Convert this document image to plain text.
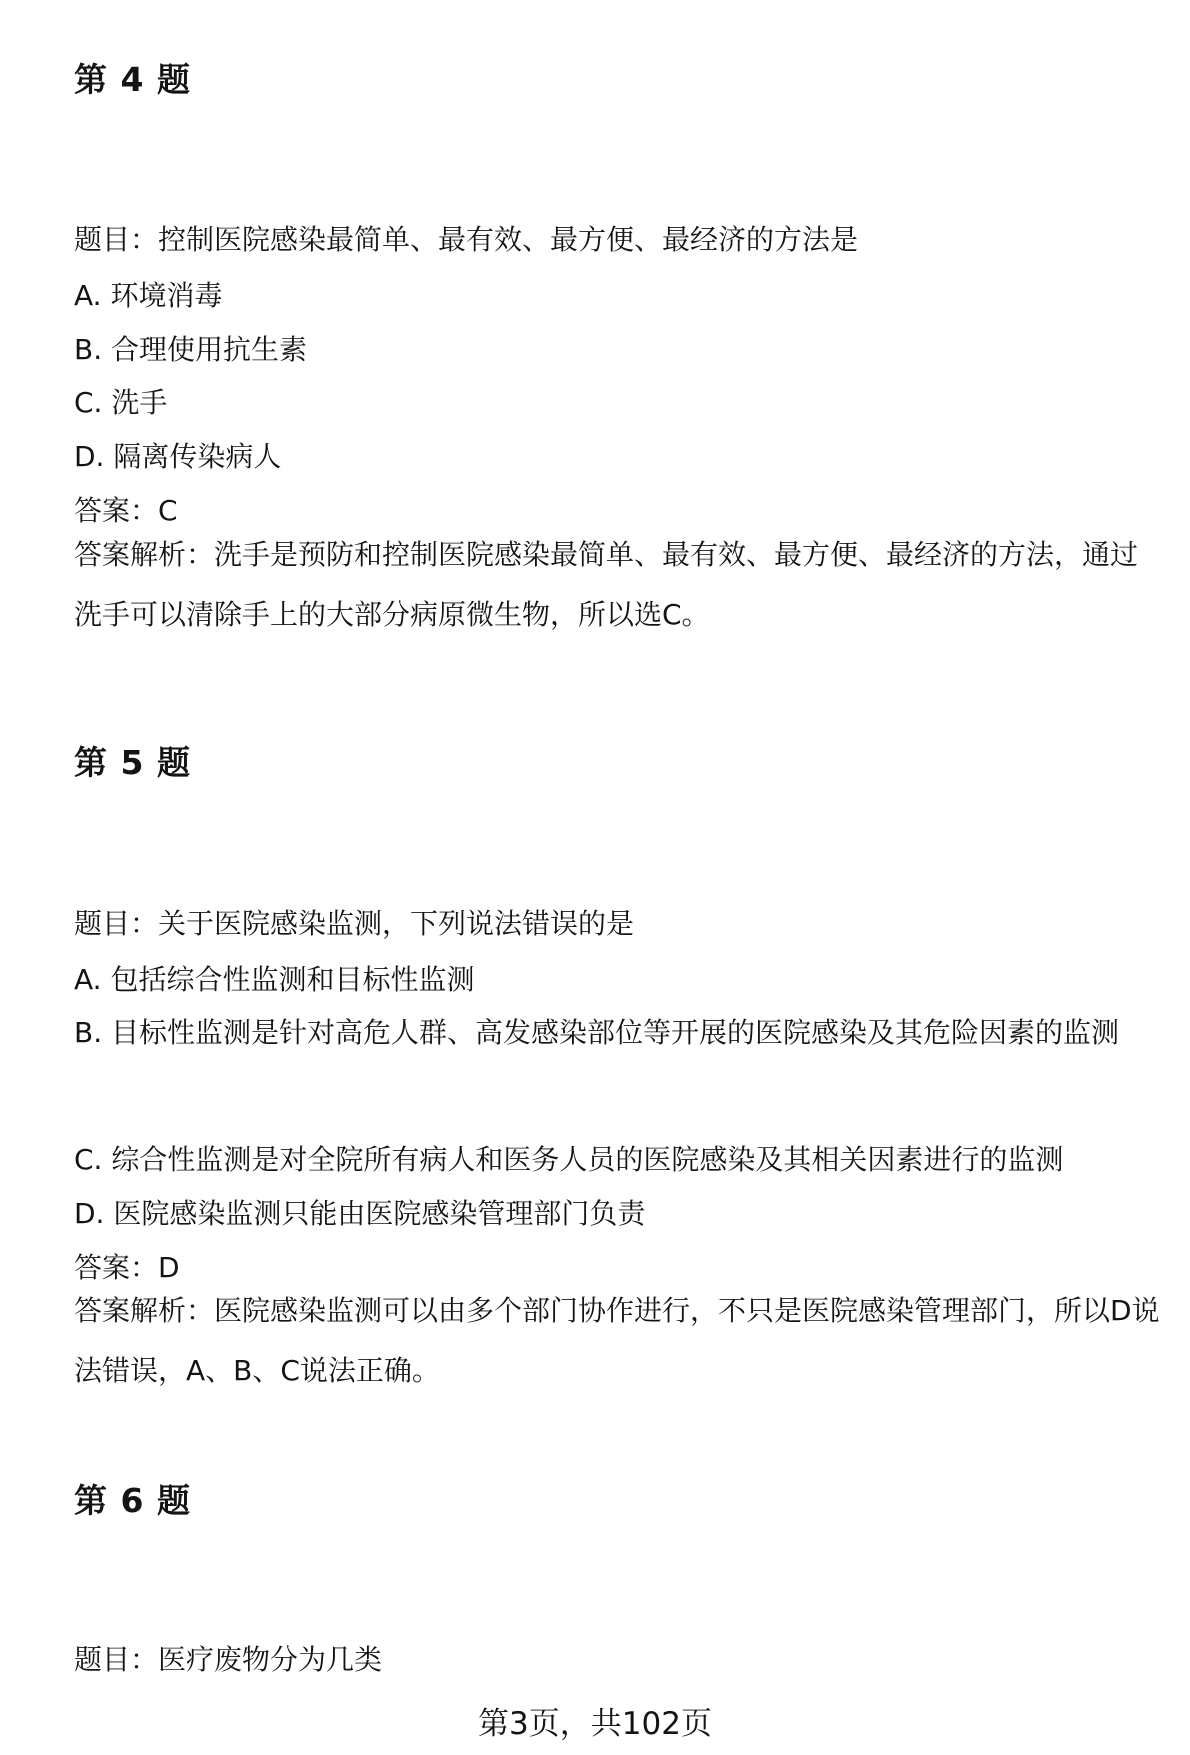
第 4 题
题目：控制医院感染最简单、最有效、最方便、最经济的方法是
A. 环境消毒
B. 合理使用抗生素
C. 洗手
D. 隔离传染病人
答案：C
答案解析：洗手是预防和控制医院感染最简单、最有效、最方便、最经济的方法，通过洗手可以清除手上的大部分病原微生物，所以选C。
第 5 题
题目：关于医院感染监测，下列说法错误的是
A. 包括综合性监测和目标性监测
B. 目标性监测是针对高危人群、高发感染部位等开展的医院感染及其危险因素的监测
C. 综合性监测是对全院所有病人和医务人员的医院感染及其相关因素进行的监测
D. 医院感染监测只能由医院感染管理部门负责
答案：D
答案解析：医院感染监测可以由多个部门协作进行，不只是医院感染管理部门，所以D说法错误，A、B、C说法正确。
第 6 题
题目：医疗废物分为几类
第3页，共102页
